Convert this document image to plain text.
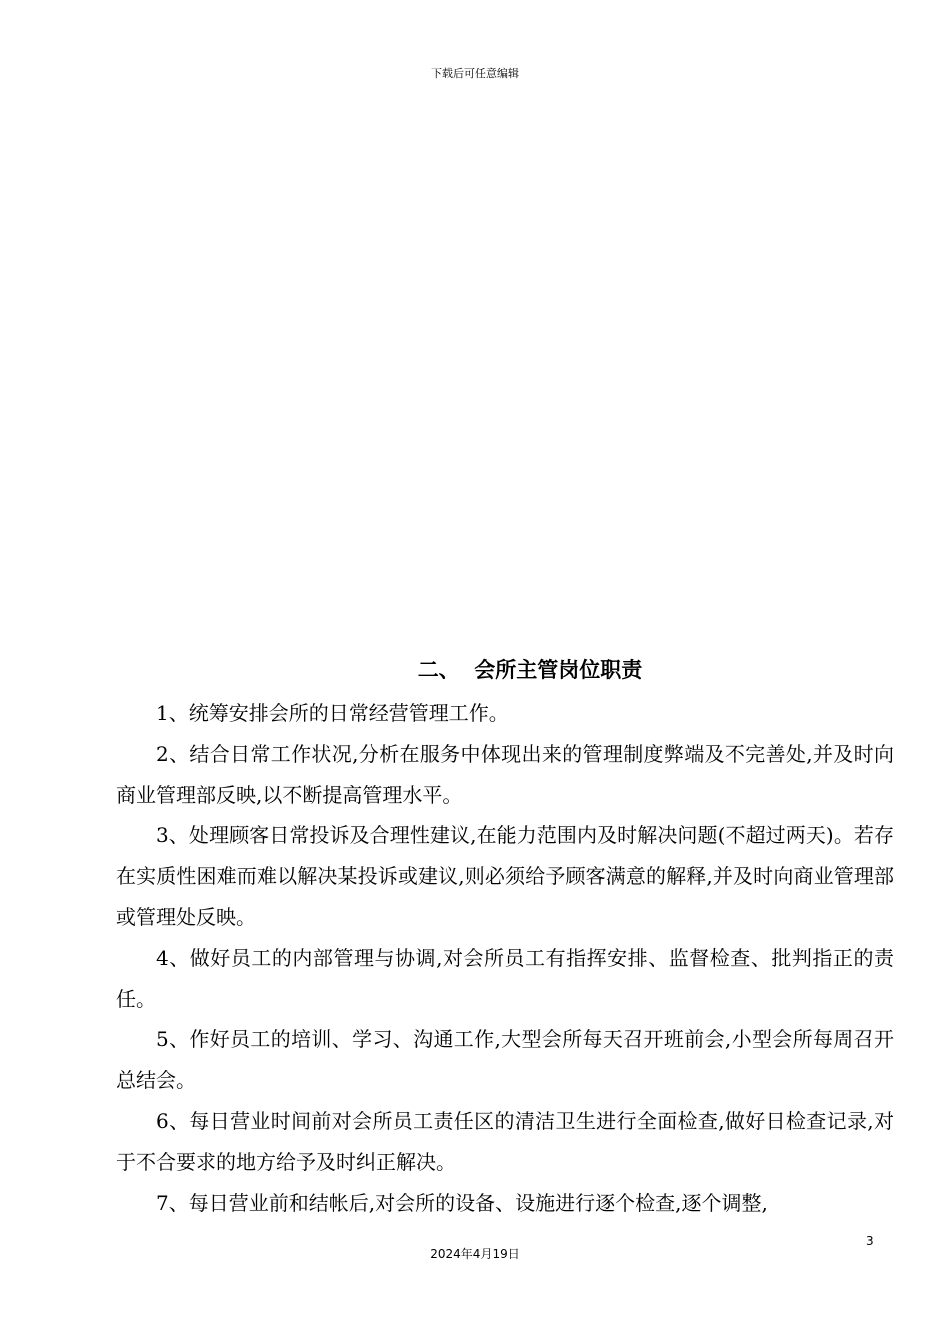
下载后可任意编辑
二、  会所主管岗位职责

1、统筹安排会所的日常经营管理工作。

2、结合日常工作状况,分析在服务中体现出来的管理制度弊端及不完善处,并及时向商业管理部反映,以不断提高管理水平。

3、处理顾客日常投诉及合理性建议,在能力范围内及时解决问题(不超过两天)。若存在实质性困难而难以解决某投诉或建议,则必须给予顾客满意的解释,并及时向商业管理部或管理处反映。

4、做好员工的内部管理与协调,对会所员工有指挥安排、监督检查、批判指正的责任。

5、作好员工的培训、学习、沟通工作,大型会所每天召开班前会,小型会所每周召开总结会。

6、每日营业时间前对会所员工责任区的清洁卫生进行全面检查,做好日检查记录,对于不合要求的地方给予及时纠正解决。

7、每日营业前和结帐后,对会所的设备、设施进行逐个检查,逐个调整,

3
2024年4月19日
